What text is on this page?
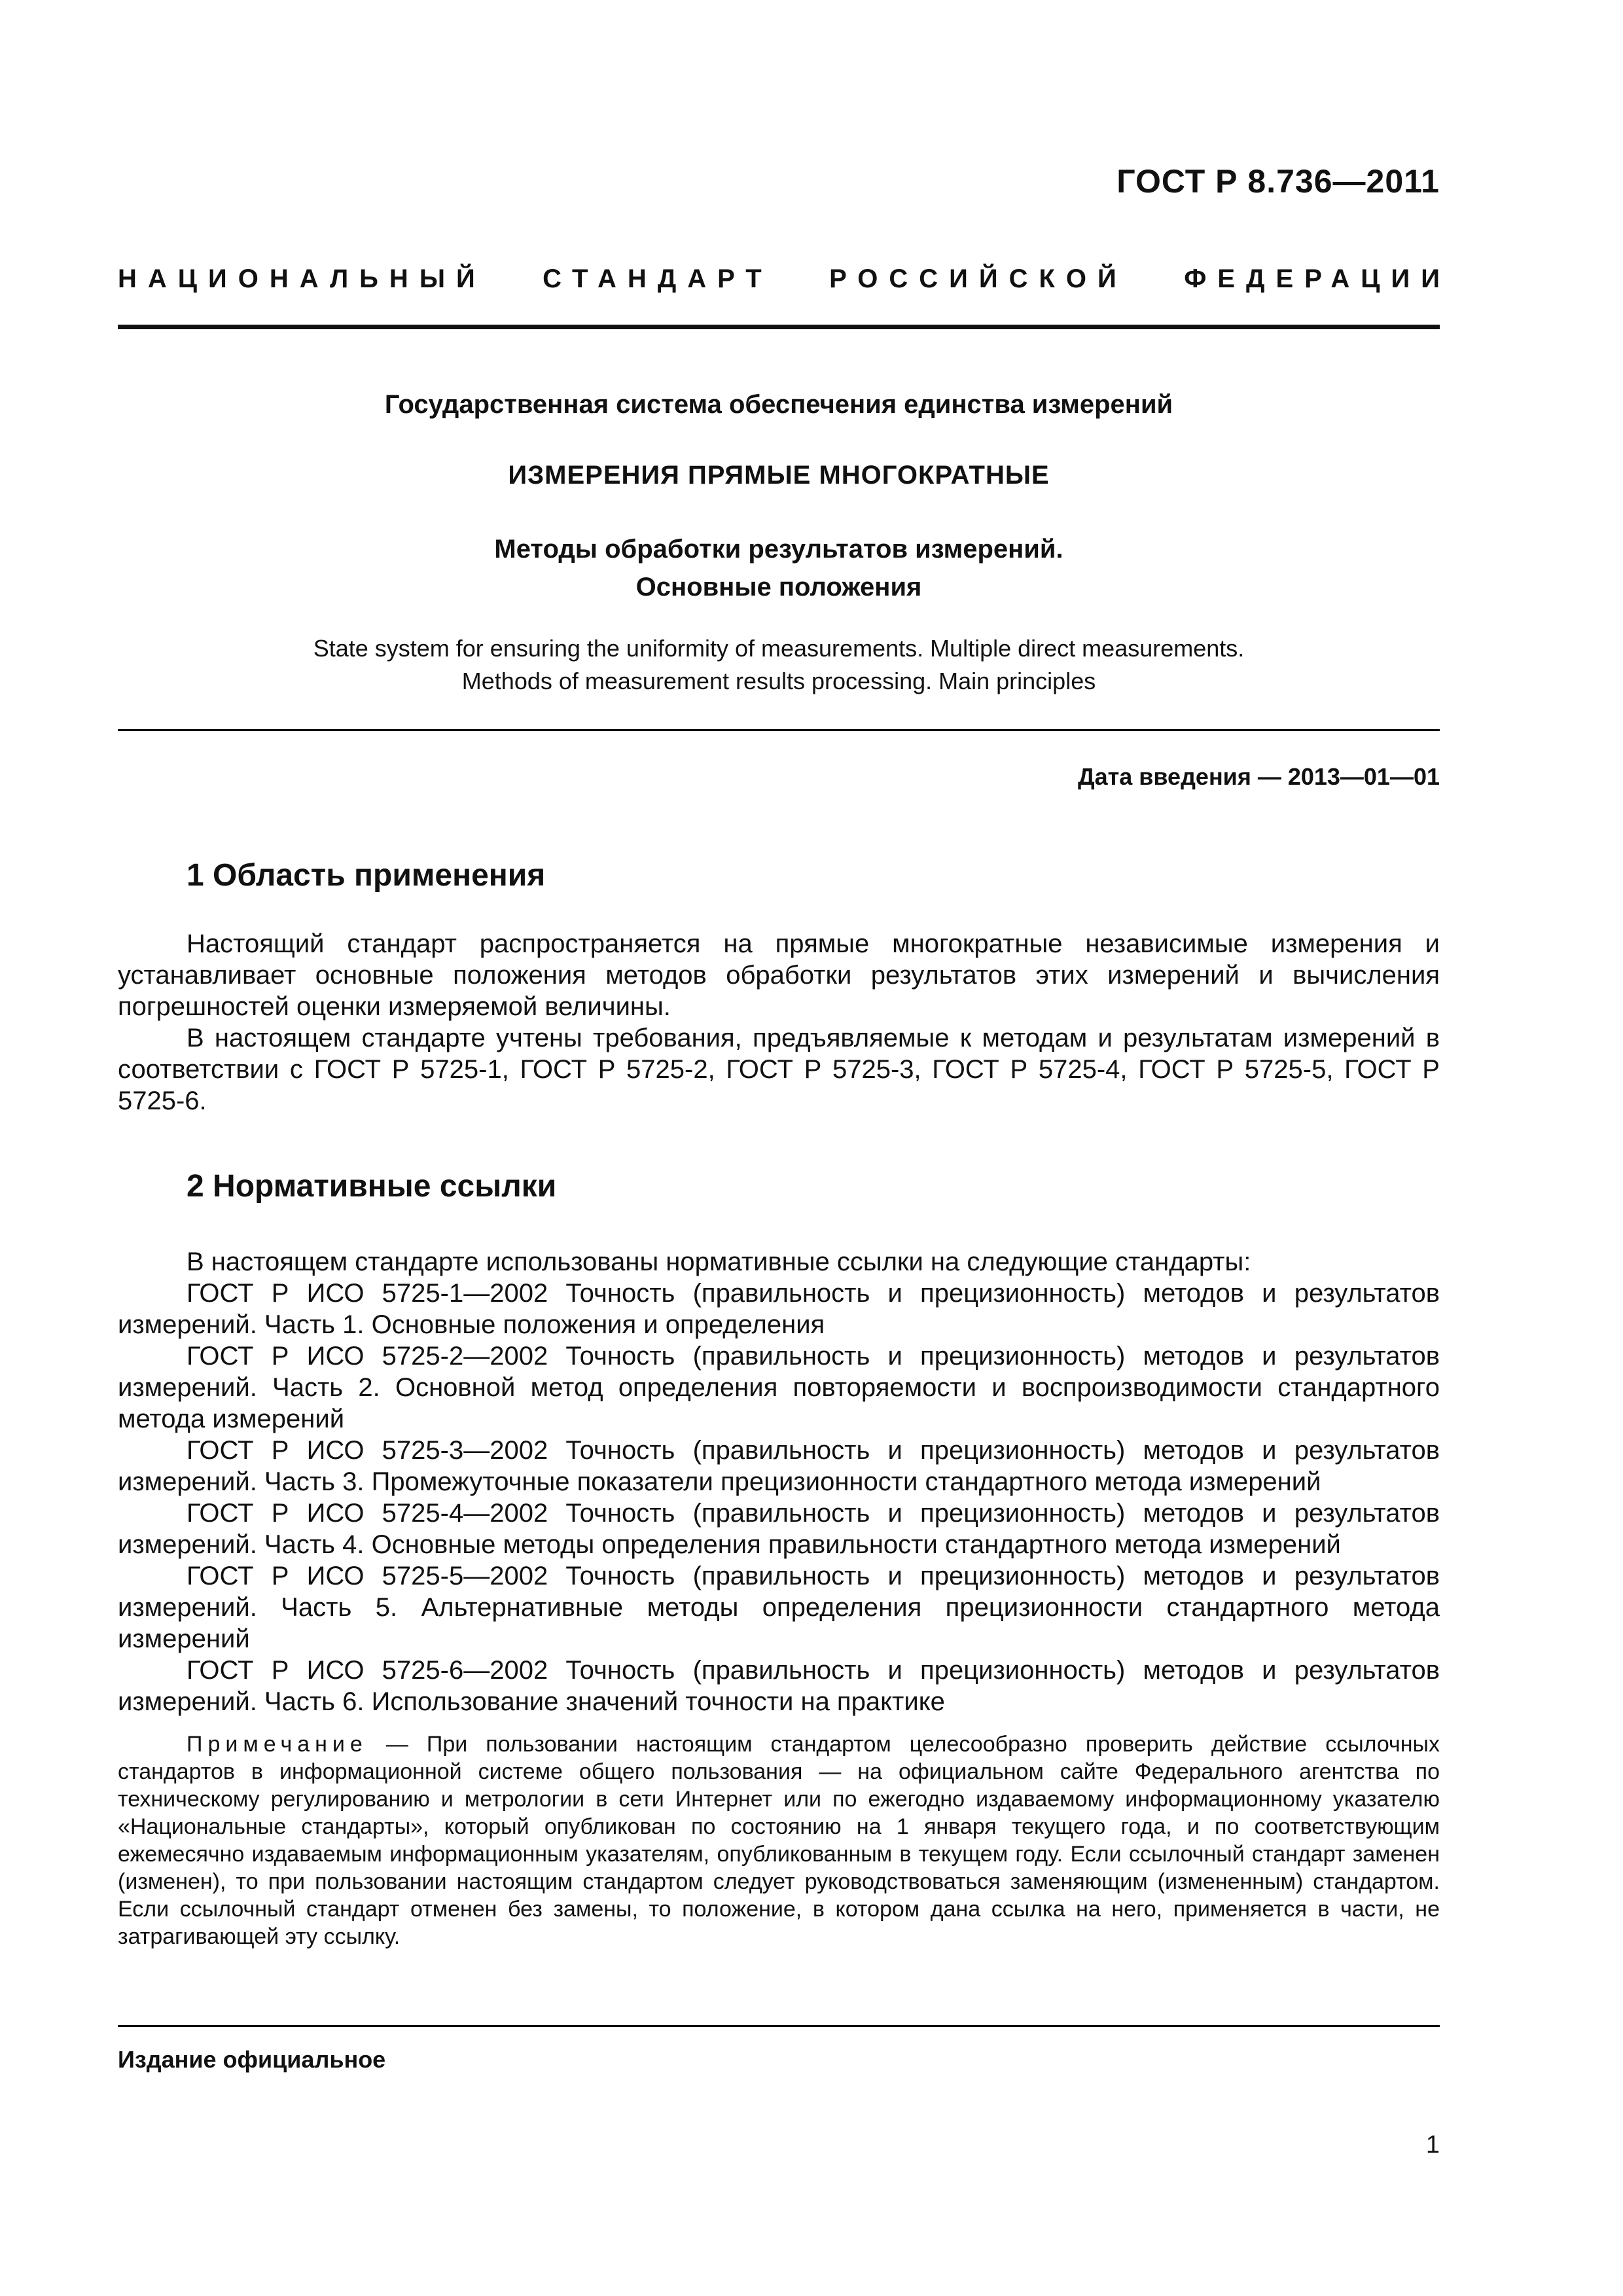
ГОСТ Р 8.736—2011
НАЦИОНАЛЬНЫЙ СТАНДАРТ РОССИЙСКОЙ ФЕДЕРАЦИИ
Государственная система обеспечения единства измерений
ИЗМЕРЕНИЯ ПРЯМЫЕ МНОГОКРАТНЫЕ
Методы обработки результатов измерений.
Основные положения
State system for ensuring the uniformity of measurements. Multiple direct measurements.
Methods of measurement results processing. Main principles
Дата введения — 2013—01—01
1 Область применения

Настоящий стандарт распространяется на прямые многократные независимые измерения и устанавливает основные положения методов обработки результатов этих измерений и вычисления погрешностей оценки измеряемой величины.

В настоящем стандарте учтены требования, предъявляемые к методам и результатам измерений в соответствии с ГОСТ Р 5725-1, ГОСТ Р 5725-2, ГОСТ Р 5725-3, ГОСТ Р 5725-4, ГОСТ Р 5725-5, ГОСТ Р 5725-6.

2 Нормативные ссылки

В настоящем стандарте использованы нормативные ссылки на следующие стандарты:

ГОСТ Р ИСО 5725-1—2002 Точность (правильность и прецизионность) методов и результатов измерений. Часть 1. Основные положения и определения

ГОСТ Р ИСО 5725-2—2002 Точность (правильность и прецизионность) методов и результатов измерений. Часть 2. Основной метод определения повторяемости и воспроизводимости стандартного метода измерений

ГОСТ Р ИСО 5725-3—2002 Точность (правильность и прецизионность) методов и результатов измерений. Часть 3. Промежуточные показатели прецизионности стандартного метода измерений

ГОСТ Р ИСО 5725-4—2002 Точность (правильность и прецизионность) методов и результатов измерений. Часть 4. Основные методы определения правильности стандартного метода измерений

ГОСТ Р ИСО 5725-5—2002 Точность (правильность и прецизионность) методов и результатов измерений. Часть 5. Альтернативные методы определения прецизионности стандартного метода измерений

ГОСТ Р ИСО 5725-6—2002 Точность (правильность и прецизионность) методов и результатов измерений. Часть 6. Использование значений точности на практике

Примечание — При пользовании настоящим стандартом целесообразно проверить действие ссылочных стандартов в информационной системе общего пользования — на официальном сайте Федерального агентства по техническому регулированию и метрологии в сети Интернет или по ежегодно издаваемому информационному указателю «Национальные стандарты», который опубликован по состоянию на 1 января текущего года, и по соответствующим ежемесячно издаваемым информационным указателям, опубликованным в текущем году. Если ссылочный стандарт заменен (изменен), то при пользовании настоящим стандартом следует руководствоваться заменяющим (измененным) стандартом. Если ссылочный стандарт отменен без замены, то положение, в котором дана ссылка на него, применяется в части, не затрагивающей эту ссылку.

Издание официальное
1
